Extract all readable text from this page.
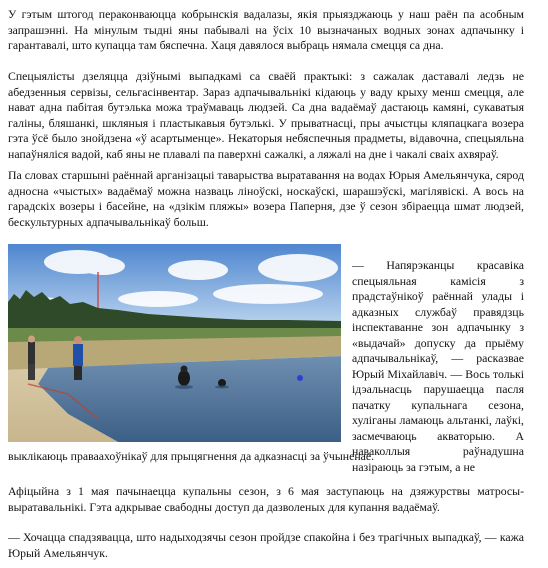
У гэтым штогод пераконваюцца кобрынскія вадалазы, якія прыязджаюць у наш раён па асобным запрашэнні. На мінулым тыдні яны пабывалі на ўсіх 10 вызначаных водных зонах адпачынку і гарантавалі, што купацца там бяспечна. Хаця давялося выбраць нямала смецця са дна.

Спецыялісты дзеляцца дзіўнымі выпадкамі са сваёй практыкі: з сажалак даставалі ледзь не абедзенныя сервізы, сельгасінвентар. Зараз адпачывальнікі кідаюць у ваду крыху менш смецця, але нават адна пабітая бутэлька можа траўмаваць людзей. Са дна вадаёмаў дастаюць камяні, сукаватыя галіны, бляшанкі, шкляныя і пластыкавыя бутэлькі. У прыватнасці, пры ачыстцы кляпацкага возера гэта ўсё было знойдзена «ў асартыменце». Некаторыя небяспечныя прадметы, відавочна, спецыяльна напаўняліся вадой, каб яны не плавалі па паверхні сажалкі, а ляжалі на дне і чакалі сваіх ахвяраў.

Па словах старшыні раённай арганізацыі таварыства выратавання на водах Юрыя Амельянчука, сярод адносна «чыстых» вадаёмаў можна назваць ліноўскі, носкаўскі, шарашэўскі, магілявіскі. А вось на гарадскіх возеры і басейне, на «дзікім пляжы» возера Паперня, дзе ў сезон збіраецца шмат людзей, бескультурных адпачывальнікаў больш.

— Напярэканцы красавіка спецыяльная камісія з прадстаўнікоў раённай улады і адказных службаў правядзць інспектаванне зон адпачынку з «выдачай» допуску да прыёму адпачывальнікаў, — расказвае Юрый Міхайлавіч. — Вось толькі ідэальнасць парушаецца пасля пачатку купальнага сезона, хуліганы ламаюць альтанкі, лаўкі, засмечваюць акваторыю. А наваколлыя раўнадушна назіраюць за гэтым, а не

выклікаюць праваахоўнікаў для прыцягнення да адказнасці за ўчыненае.

Афіцыйна з 1 мая пачынаецца купальны сезон, з 6 мая заступаюць на дзяжурствы матросы-выратавальнікі. Гэта адкрывае свабодны доступ да дазволеных для купання вадаёмаў.

— Хочацца спадзявацца, што надыходзячы сезон пройдзе спакойна і без трагічных выпадкаў, — кажа Юрый Амельянчук.
